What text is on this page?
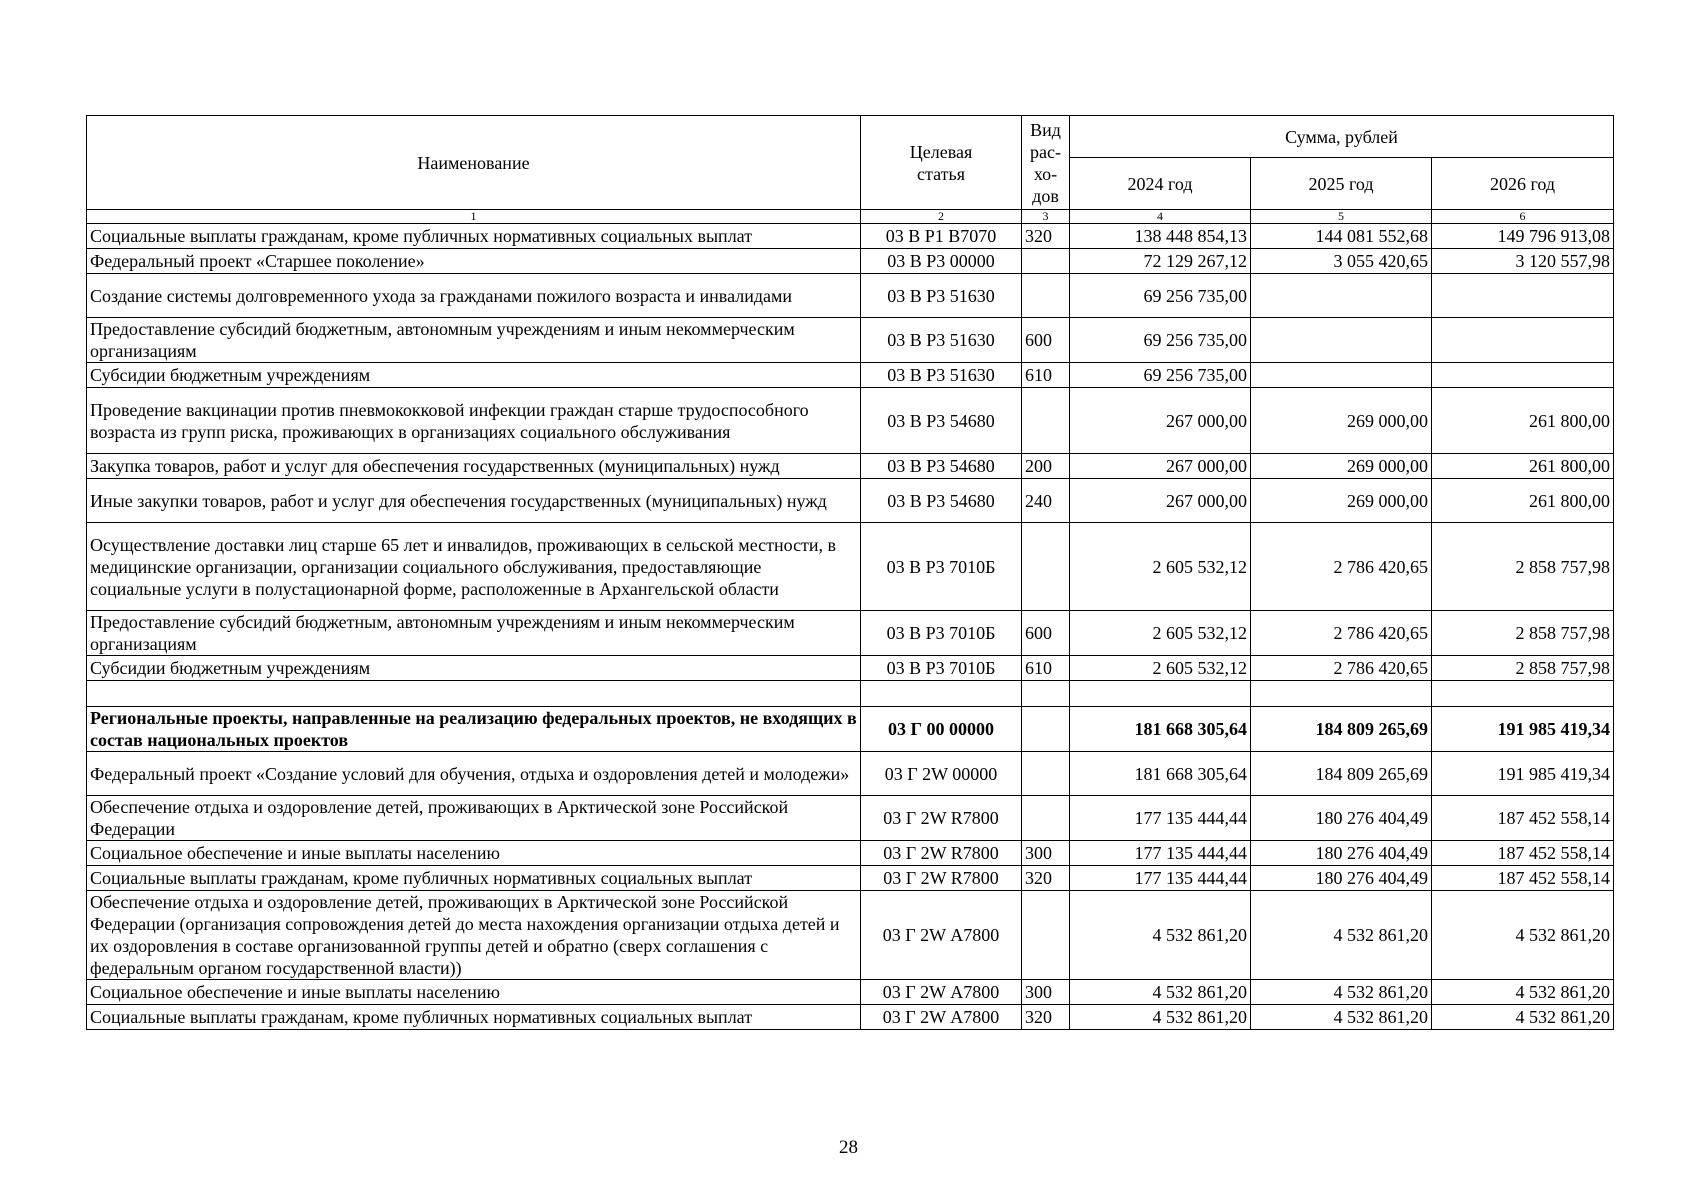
Наименование	Целевая статья	Вид
рас-
хо-
дов	Сумма, рублей		
			2024 год	2025 год	2026 год
1	2	3	4	5	6
Социальные выплаты гражданам, кроме публичных нормативных социальных выплат	03 В Р1 В7070	320	138 448 854,13	144 081 552,68	149 796 913,08
Федеральный проект «Старшее поколение»	03 В Р3 00000		72 129 267,12	3 055 420,65	3 120 557,98
Создание системы долговременного ухода за гражданами пожилого возраста и инвалидами	03 В Р3 51630		69 256 735,00		
Предоставление субсидий бюджетным, автономным учреждениям и иным некоммерческим организациям	03 В Р3 51630	600	69 256 735,00		
Субсидии бюджетным учреждениям	03 В Р3 51630	610	69 256 735,00		
Проведение вакцинации против пневмококковой инфекции граждан старше трудоспособного возраста из групп риска, проживающих в организациях социального обслуживания	03 В Р3 54680		267 000,00	269 000,00	261 800,00
Закупка товаров, работ и услуг для обеспечения государственных (муниципальных) нужд	03 В Р3 54680	200	267 000,00	269 000,00	261 800,00
Иные закупки товаров, работ и услуг для обеспечения государственных (муниципальных) нужд	03 В Р3 54680	240	267 000,00	269 000,00	261 800,00
Осуществление доставки лиц старше 65 лет и инвалидов, проживающих в сельской местности, в медицинские организации, организации социального обслуживания, предоставляющие социальные услуги в полустационарной форме, расположенные в Архангельской области	03 В Р3 7010Б		2 605 532,12	2 786 420,65	2 858 757,98
Предоставление субсидий бюджетным, автономным учреждениям и иным некоммерческим организациям	03 В Р3 7010Б	600	2 605 532,12	2 786 420,65	2 858 757,98
Субсидии бюджетным учреждениям	03 В Р3 7010Б	610	2 605 532,12	2 786 420,65	2 858 757,98

Региональные проекты, направленные на реализацию федеральных проектов, не входящих в состав национальных проектов	03 Г 00 00000		181 668 305,64	184 809 265,69	191 985 419,34
Федеральный проект «Создание условий для обучения, отдыха и оздоровления детей и молодежи»	03 Г 2W 00000		181 668 305,64	184 809 265,69	191 985 419,34
Обеспечение отдыха и оздоровление детей, проживающих в Арктической зоне Российской Федерации	03 Г 2W R7800		177 135 444,44	180 276 404,49	187 452 558,14
Социальное обеспечение и иные выплаты населению	03 Г 2W R7800	300	177 135 444,44	180 276 404,49	187 452 558,14
Социальные выплаты гражданам, кроме публичных нормативных социальных выплат	03 Г 2W R7800	320	177 135 444,44	180 276 404,49	187 452 558,14
Обеспечение отдыха и оздоровление детей, проживающих в Арктической зоне Российской Федерации (организация сопровождения детей до места нахождения организации отдыха детей и их оздоровления в составе организованной группы детей и обратно (сверх соглашения с федеральным органом государственной власти))	03 Г 2W А7800		4 532 861,20	4 532 861,20	4 532 861,20
Социальное обеспечение и иные выплаты населению	03 Г 2W А7800	300	4 532 861,20	4 532 861,20	4 532 861,20
Социальные выплаты гражданам, кроме публичных нормативных социальных выплат	03 Г 2W А7800	320	4 532 861,20	4 532 861,20	4 532 861,20
28
